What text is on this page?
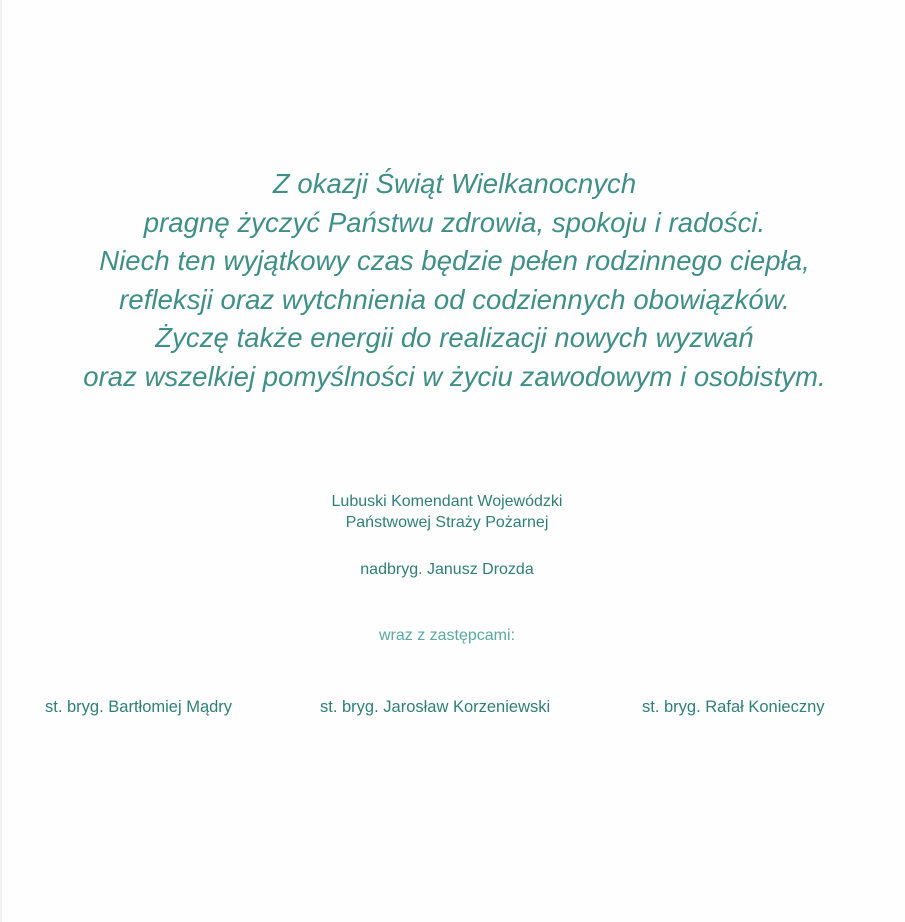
Z okazji Świąt Wielkanocnych
pragnę życzyć Państwu zdrowia, spokoju i radości.
Niech ten wyjątkowy czas będzie pełen rodzinnego ciepła,
refleksji oraz wytchnienia od codziennych obowiązków.
Życzę także energii do realizacji nowych wyzwań
oraz wszelkiej pomyślności w życiu zawodowym i osobistym.
Lubuski Komendant Wojewódzki
Państwowej Straży Pożarnej
nadbryg. Janusz Drozda
wraz z zastępcami:
st. bryg. Bartłomiej Mądry	st. bryg. Jarosław Korzeniewski	st. bryg. Rafał Konieczny
